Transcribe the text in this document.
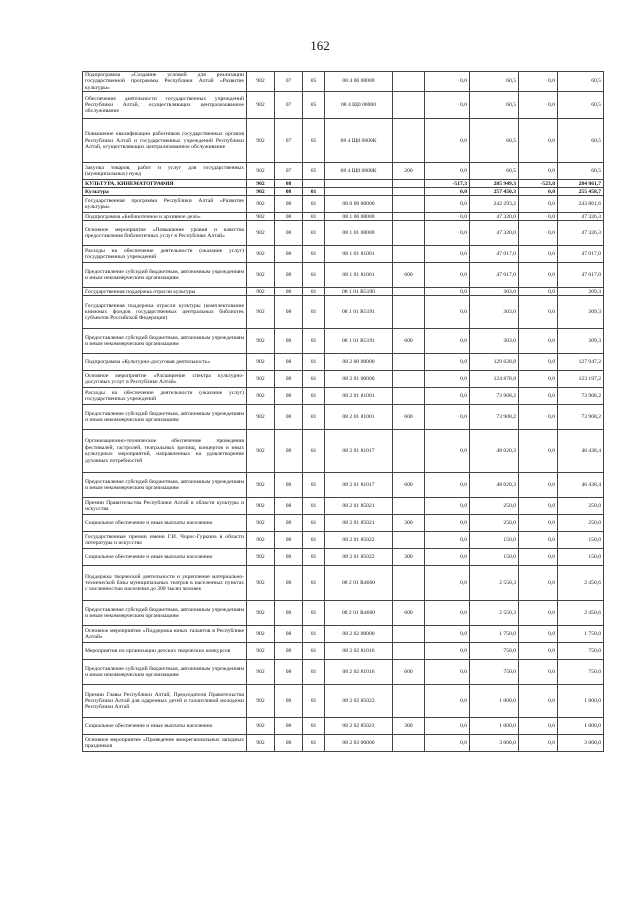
162
Подпрограмма «Создание условий для реализации государственной программы Республики Алтай «Развитие культуры»	902	07	05	08 4 00 00000		0,0	60,5	0,0	60,5
Обеспечение деятельности государственных учреждений Республики Алтай, осуществляющих централизованное обслуживание	902	07	05	08 4 Щ0 00000		0,0	60,5	0,0	60,5
Повышение квалификации работников государственных органов Республики Алтай и государственных учреждений Республики Алтай, осуществляющих централизованное обслуживание	902	07	05	08 4 Щ0 0000К		0,0	60,5	0,0	60,5
Закупка товаров, работ и услуг для государственных (муниципальных) нужд	902	07	05	08 4 Щ0 0000К	200	0,0	60,5	0,0	60,5
КУЛЬТУРА, КИНЕМАТОГРАФИЯ	902	08				-517,3	285 949,3	-523,8	284 861,7
Культура	902	08	01			0,0	257 450,3	0,0	255 458,7
Государственная программа Республики Алтай «Развитие культуры»	902	08	01	08 0 00 00000		0,0	242 293,2	0,0	243 861,6
Подпрограмма «Библиотечное и архивное дело»	902	08	01	08 1 00 00000		0,0	47 320,0	0,0	47 326,3
Основное мероприятие «Повышение уровня и качества предоставления библиотечных услуг в Республике Алтай»	902	08	01	08 1 01 00000		0,0	47 320,0	0,0	47 326,3
Расходы на обеспечение деятельности (оказание услуг) государственных учреждений	902	08	01	08 1 01 81001		0,0	47 017,0	0,0	47 017,0
Предоставление субсидий бюджетным, автономным учреждениям и иным некоммерческим организациям	902	08	01	08 1 01 81001	600	0,0	47 017,0	0,0	47 017,0
Государственная поддержка отрасли культуры	902	08	01	08 1 01 R5190		0,0	303,0	0,0	309,3
Государственная поддержка отрасли культуры (комплектование книжных фондов государственных центральных библиотек субъектов Российской Федерации)	902	08	01	08 1 01 R5191		0,0	303,0	0,0	309,3
Предоставление субсидий бюджетным, автономным учреждениям и иным некоммерческим организациям	902	08	01	08 1 01 R5191	600	0,0	303,0	0,0	309,3
Подпрограмма «Культурно-досуговая деятельность»	902	08	01	08 2 00 00000		0,0	129 628,8	0,0	127 947,2
Основное мероприятие «Расширение спектра культурно-досуговых услуг в Республике Алтай»	902	08	01	08 2 01 00000		0,0	124 878,8	0,0	123 197,2
Расходы на обеспечение деятельности (оказание услуг) государственных учреждений	902	08	01	08 2 01 81001		0,0	73 908,2	0,0	73 908,2
Предоставление субсидий бюджетным, автономным учреждениям и иным некоммерческим организациям	902	08	01	08 2 01 81001	600	0,0	73 908,2	0,0	73 908,2
Организационно-техническое обеспечение проведения фестивалей, гастролей, театральных зрелищ, концертов и иных культурных мероприятий, направленных на удовлетворение духовных потребностей	902	08	01	08 2 01 81017		0,0	48 020,3	0,0	46 438,4
Предоставление субсидий бюджетным, автономным учреждениям и иным некоммерческим организациям	902	08	01	08 2 01 81017	600	0,0	48 020,3	0,0	46 438,4
Премии Правительства Республики Алтай в области культуры и искусства	902	08	01	08 2 01 85021		0,0	250,0	0,0	250,0
Социальное обеспечение и иные выплаты населению	902	08	01	08 2 01 85021	300	0,0	250,0	0,0	250,0
Государственные премии имени Г.И. Чорос-Гуркина в области литературы и искусства	902	08	01	08 2 01 85022		0,0	150,0	0,0	150,0
Социальное обеспечение и иные выплаты населению	902	08	01	08 2 01 85022	300	0,0	150,0	0,0	150,0
Поддержка творческой деятельности и укрепление материально-технической базы муниципальных театров в населенных пунктах с численностью населения до 300 тысяч человек	902	08	01	08 2 01 R4660		0,0	2 550,3	0,0	2 450,6
Предоставление субсидий бюджетным, автономным учреждениям и иным некоммерческим организациям	902	08	01	08 2 01 R4660	600	0,0	2 550,3	0,0	2 450,6
Основное мероприятие «Поддержка юных талантов в Республике Алтай»	902	08	01	08 2 02 00000		0,0	1 750,0	0,0	1 750,0
Мероприятия по организации детских творческих конкурсов	902	08	01	08 2 02 81016		0,0	750,0	0,0	750,0
Предоставление субсидий бюджетным, автономным учреждениям и иным некоммерческим организациям	902	08	01	08 2 02 81016	600	0,0	750,0	0,0	750,0
Премии Главы Республики Алтай, Председателя Правительства Республики Алтай для одаренных детей и талантливой молодежи Республики Алтай	902	08	01	08 2 02 85023		0,0	1 000,0	0,0	1 000,0
Социальное обеспечение и иные выплаты населению	902	08	01	08 2 02 85023	300	0,0	1 000,0	0,0	1 000,0
Основное мероприятие «Проведение межрегиональных западных праздников	902	08	01	08 2 03 00000		0,0	3 000,0	0,0	3 000,0
